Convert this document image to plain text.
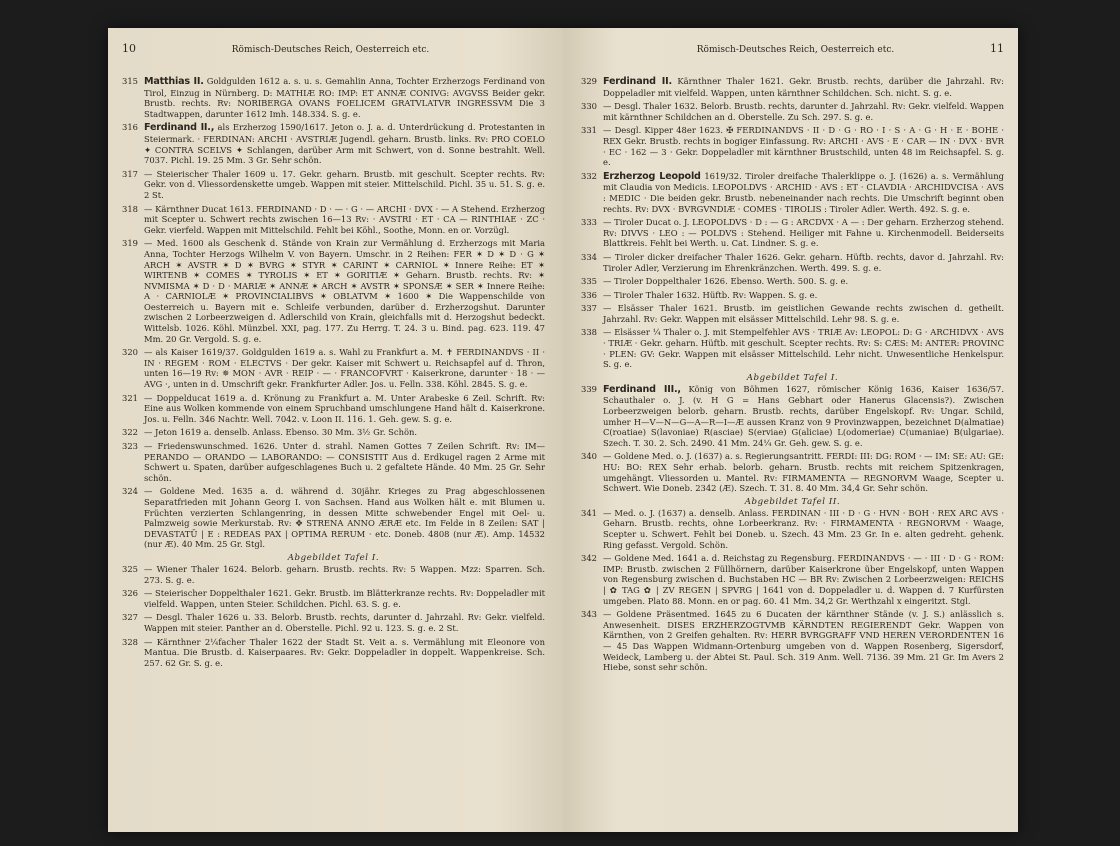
10	Römisch-Deutsches Reich, Oesterreich etc.
315 Matthias II. Goldgulden 1612 a. s. u. s. Gemahlin Anna, Tochter Erzherzogs Ferdinand von Tirol, Einzug in Nürnberg. D: MATHIÆ RO: IMP: ET ANNÆ CONIVG: AVGVSS Beider gekr. Brustb. rechts. Rv: NORIBERGA OVANS FOELICEM GRATVLATVR INGRESSVM Die 3 Stadtwappen, darunter 1612 Imh. 148.334. S. g. e.
316 Ferdinand II., als Erzherzog 1590/1617. Jeton o. J. a. d. Unterdrückung d. Protestanten in Steiermark. · FERDINAN: ARCHI · AVSTRIÆ Jugendl. geharn. Brustb. links. Rv: PRO COELO ✦ CONTRA SCELVS ✦ Schlangen, darüber Arm mit Schwert, von d. Sonne bestrahlt. Well. 7037. Pichl. 19. 25 Mm. 3 Gr. Sehr schön.
317 — Steierischer Thaler 1609 u. 17. Gekr. geharn. Brustb. mit geschult. Scepter rechts. Rv: Gekr. von d. Vliessordenskette umgeb. Wappen mit steier. Mittelschild. Pichl. 35 u. 51. S. g. e. 2 St.
318 — Kärnthner Ducat 1613. FERDINAND · D · — · G · — ARCHI · DVX · — A Stehend. Erzherzog mit Scepter u. Schwert rechts zwischen 16—13 Rv: · AVSTRI · ET · CA — RINTHIAE · ZC · Gekr. vierfeld. Wappen mit Mittelschild. Fehlt bei Köhl., Soothe, Monn. en or. Vorzügl.
319 — Med. 1600 als Geschenk d. Stände von Krain zur Vermählung d. Erzherzogs mit Maria Anna, Tochter Herzogs Wilhelm V. von Bayern. Umschr. in 2 Reihen: FER ✶ D ✶ D · G ✶ ARCH ✶ AVSTR ✶ D ✶ BVRG ✶ STYR ✶ CARINT ✶ CARNIOL ✶ Innere Reihe: ET ✶ WIRTENB ✶ COMES ✶ TYROLIS ✶ ET ✶ GORITIÆ ✶ Geharn. Brustb. rechts. Rv: ✶ NVMISMA ✶ D · D · MARIÆ ✶ ANNÆ ✶ ARCH ✶ AVSTR ✶ SPONSÆ ✶ SER ✶ Innere Reihe: A · CARNIOLÆ ✶ PROVINCIALIBVS ✶ OBLATVM ✶ 1600 ✶ Die Wappenschilde von Oesterreich u. Bayern mit e. Schleife verbunden, darüber d. Erzherzogshut. Darunter zwischen 2 Lorbeerzweigen d. Adlerschild von Krain, gleichfalls mit d. Herzogshut bedeckt. Wittelsb. 1026. Köhl. Münzbel. XXI, pag. 177. Zu Herrg. T. 24. 3 u. Bind. pag. 623. 119. 47 Mm. 20 Gr. Vergold. S. g. e.
320 — als Kaiser 1619/37. Goldgulden 1619 a. s. Wahl zu Frankfurt a. M. ✝ FERDINANDVS · II · IN · REGEM · ROM · ELECTVS · Der gekr. Kaiser mit Schwert u. Reichsapfel auf d. Thron, unten 16—19 Rv: ✵ MON · AVR · REIP · — · FRANCOFVRT · Kaiserkrone, darunter · 18 · — AVG ·, unten in d. Umschrift gekr. Frankfurter Adler. Jos. u. Felln. 338. Köhl. 2845. S. g. e.
321 — Doppelducat 1619 a. d. Krönung zu Frankfurt a. M. Unter Arabeske 6 Zeil. Schrift. Rv: Eine aus Wolken kommende von einem Spruchband umschlungene Hand hält d. Kaiserkrone. Jos. u. Felln. 346 Nachtr. Well. 7042. v. Loon II. 116. 1. Geh. gew. S. g. e.
322 — Jeton 1619 a. denselb. Anlass. Ebenso. 30 Mm. 3½ Gr. Schön.
323 — Friedenswunschmed. 1626. Unter d. strahl. Namen Gottes 7 Zeilen Schrift. Rv: IM— PERANDO — ORANDO — LABORANDO: — CONSISTIT Aus d. Erdkugel ragen 2 Arme mit Schwert u. Spaten, darüber aufgeschlagenes Buch u. 2 gefaltete Hände. 40 Mm. 25 Gr. Sehr schön.
324 — Goldene Med. 1635 a. d. während d. 30jähr. Krieges zu Prag abgeschlossenen Separatfrieden mit Johann Georg I. von Sachsen. Hand aus Wolken hält e. mit Blumen u. Früchten verzierten Schlangenring, in dessen Mitte schwebender Engel mit Oel- u. Palmzweig sowie Merkurstab. Rv: ✥ STRENA ANNO ÆRÆ etc. Im Felde in 8 Zeilen: SAT | DEVASTATŪ | E : REDEAS PAX | OPTIMA RERUM · etc. Doneb. 4808 (nur Æ). Amp. 14532 (nur Æ). 40 Mm. 25 Gr. Stgl.
Abgebildet Tafel I.
325 — Wiener Thaler 1624. Belorb. geharn. Brustb. rechts. Rv: 5 Wappen. Mzz: Sparren. Sch. 273. S. g. e.
326 — Steierischer Doppelthaler 1621. Gekr. Brustb. im Blätterkranze rechts. Rv: Doppeladler mit vielfeld. Wappen, unten Steier. Schildchen. Pichl. 63. S. g. e.
327 — Desgl. Thaler 1626 u. 33. Belorb. Brustb. rechts, darunter d. Jahrzahl. Rv: Gekr. vielfeld. Wappen mit steier. Panther an d. Oberstelle. Pichl. 92 u. 123. S. g. e. 2 St.
328 — Kärnthner 2¼facher Thaler 1622 der Stadt St. Veit a. s. Vermählung mit Eleonore von Mantua. Die Brustb. d. Kaiserpaares. Rv: Gekr. Doppeladler in doppelt. Wappenkreise. Sch. 257. 62 Gr. S. g. e.
Römisch-Deutsches Reich, Oesterreich etc.	11
329 Ferdinand II. Kärnthner Thaler 1621. Gekr. Brustb. rechts, darüber die Jahrzahl. Rv: Doppeladler mit vielfeld. Wappen, unten kärnthner Schildchen. Sch. nicht. S. g. e.
330 — Desgl. Thaler 1632. Belorb. Brustb. rechts, darunter d. Jahrzahl. Rv: Gekr. vielfeld. Wappen mit kärnthner Schildchen an d. Oberstelle. Zu Sch. 297. S. g. e.
331 — Desgl. Kipper 48er 1623. ✠ FERDINANDVS · II · D · G · RO · I · S · A · G · H · E · BOHE · REX Gekr. Brustb. rechts in bogiger Einfassung. Rv: ARCHI · AVS · E · CAR — IN · DVX · BVR · EC · 162 — 3 · Gekr. Doppeladler mit kärnthner Brustschild, unten 48 im Reichsapfel. S. g. e.
332 Erzherzog Leopold 1619/32. Tiroler dreifache Thalerklippe o. J. (1626) a. s. Vermählung mit Claudia von Medicis. LEOPOLDVS · ARCHID · AVS : ET · CLAVDIA · ARCHIDVCISA · AVS : MEDIC · Die beiden gekr. Brustb. nebeneinander nach rechts. Die Umschrift beginnt oben rechts. Rv: DVX · BVRGVNDIÆ · COMES · TIROLIS : Tiroler Adler. Werth. 492. S. g. e.
333 — Tiroler Ducat o. J. LEOPOLDVS · D : — G : ARCDVX · A — : Der geharn. Erzherzog stehend. Rv: DIVVS · LEO : — POLDVS : Stehend. Heiliger mit Fahne u. Kirchenmodell. Beiderseits Blattkreis. Fehlt bei Werth. u. Cat. Lindner. S. g. e.
334 — Tiroler dicker dreifacher Thaler 1626. Gekr. geharn. Hüftb. rechts, davor d. Jahrzahl. Rv: Tiroler Adler, Verzierung im Ehrenkränzchen. Werth. 499. S. g. e.
335 — Tiroler Doppelthaler 1626. Ebenso. Werth. 500. S. g. e.
336 — Tiroler Thaler 1632. Hüftb. Rv: Wappen. S. g. e.
337 — Elsässer Thaler 1621. Brustb. im geistlichen Gewande rechts zwischen d. getheilt. Jahrzahl. Rv: Gekr. Wappen mit elsässer Mittelschild. Lehr 98. S. g. e.
338 — Elsässer ¼ Thaler o. J. mit Stempelfehler AVS · TRIÆ Av: LEOPOL: D: G · ARCHIDVX · AVS · TRIÆ · Gekr. geharn. Hüftb. mit geschult. Scepter rechts. Rv: S: CÆS: M: ANTER: PROVINC · PLEN: GV: Gekr. Wappen mit elsässer Mittelschild. Lehr nicht. Unwesentliche Henkelspur. S. g. e.
Abgebildet Tafel I.
339 Ferdinand III., König von Böhmen 1627, römischer König 1636, Kaiser 1636/57. Schauthaler o. J. (v. H G = Hans Gebhart oder Hanerus Glacensis?). Zwischen Lorbeerzweigen belorb. geharn. Brustb. rechts, darüber Engelskopf. Rv: Ungar. Schild, umher H—V—N—G—A—R—I—Æ aussen Kranz von 9 Provinzwappen, bezeichnet D(almatiae) C(roatiae) S(lavoniae) R(asciae) S(erviae) G(aliciae) L(odomeriae) C(umaniae) B(ulgariae). Szech. T. 30. 2. Sch. 2490. 41 Mm. 24¼ Gr. Geh. gew. S. g. e.
340 — Goldene Med. o. J. (1637) a. s. Regierungsantritt. FERDI: III: DG: ROM · — IM: SE: AU: GE: HU: BO: REX Sehr erhab. belorb. geharn. Brustb. rechts mit reichem Spitzenkragen, umgehängt. Vliessorden u. Mantel. Rv: FIRMAMENTA — REGNORVM Waage, Scepter u. Schwert. Wie Doneb. 2342 (Æ). Szech. T. 31. 8. 40 Mm. 34,4 Gr. Sehr schön.
Abgebildet Tafel II.
341 — Med. o. J. (1637) a. denselb. Anlass. FERDINAN · III · D · G · HVN · BOH · REX ARC AVS · Geharn. Brustb. rechts, ohne Lorbeerkranz. Rv: · FIRMAMENTA · REGNORVM · Waage, Scepter u. Schwert. Fehlt bei Doneb. u. Szech. 43 Mm. 23 Gr. In e. alten gedreht. gehenk. Ring gefasst. Vergold. Schön.
342 — Goldene Med. 1641 a. d. Reichstag zu Regensburg. FERDINANDVS · — · III · D · G · ROM: IMP: Brustb. zwischen 2 Füllhörnern, darüber Kaiserkrone über Engelskopf, unten Wappen von Regensburg zwischen d. Buchstaben HC — BR Rv: Zwischen 2 Lorbeerzweigen: REICHS | ✿ TAG ✿ | ZV REGEN | SPVRG | 1641 von d. Doppeladler u. d. Wappen d. 7 Kurfürsten umgeben. Plato 88. Monn. en or pag. 60. 41 Mm. 34,2 Gr. Werthzahl x eingeritzt. Stgl.
343 — Goldene Präsentmed. 1645 zu 6 Ducaten der kärnthner Stände (v. J. S.) anlässlich s. Anwesenheit. DISES ERZHERZOGTVMB KÄRNDTEN REGIERENDT Gekr. Wappen von Kärnthen, von 2 Greifen gehalten. Rv: HERR BVRGGRAFF VND HEREN VERORDENTEN 16 — 45 Das Wappen Widmann-Ortenburg umgeben von d. Wappen Rosenberg, Sigersdorf, Weideck, Lamberg u. der Abtei St. Paul. Sch. 319 Anm. Well. 7136. 39 Mm. 21 Gr. Im Avers 2 Hiebe, sonst sehr schön.
